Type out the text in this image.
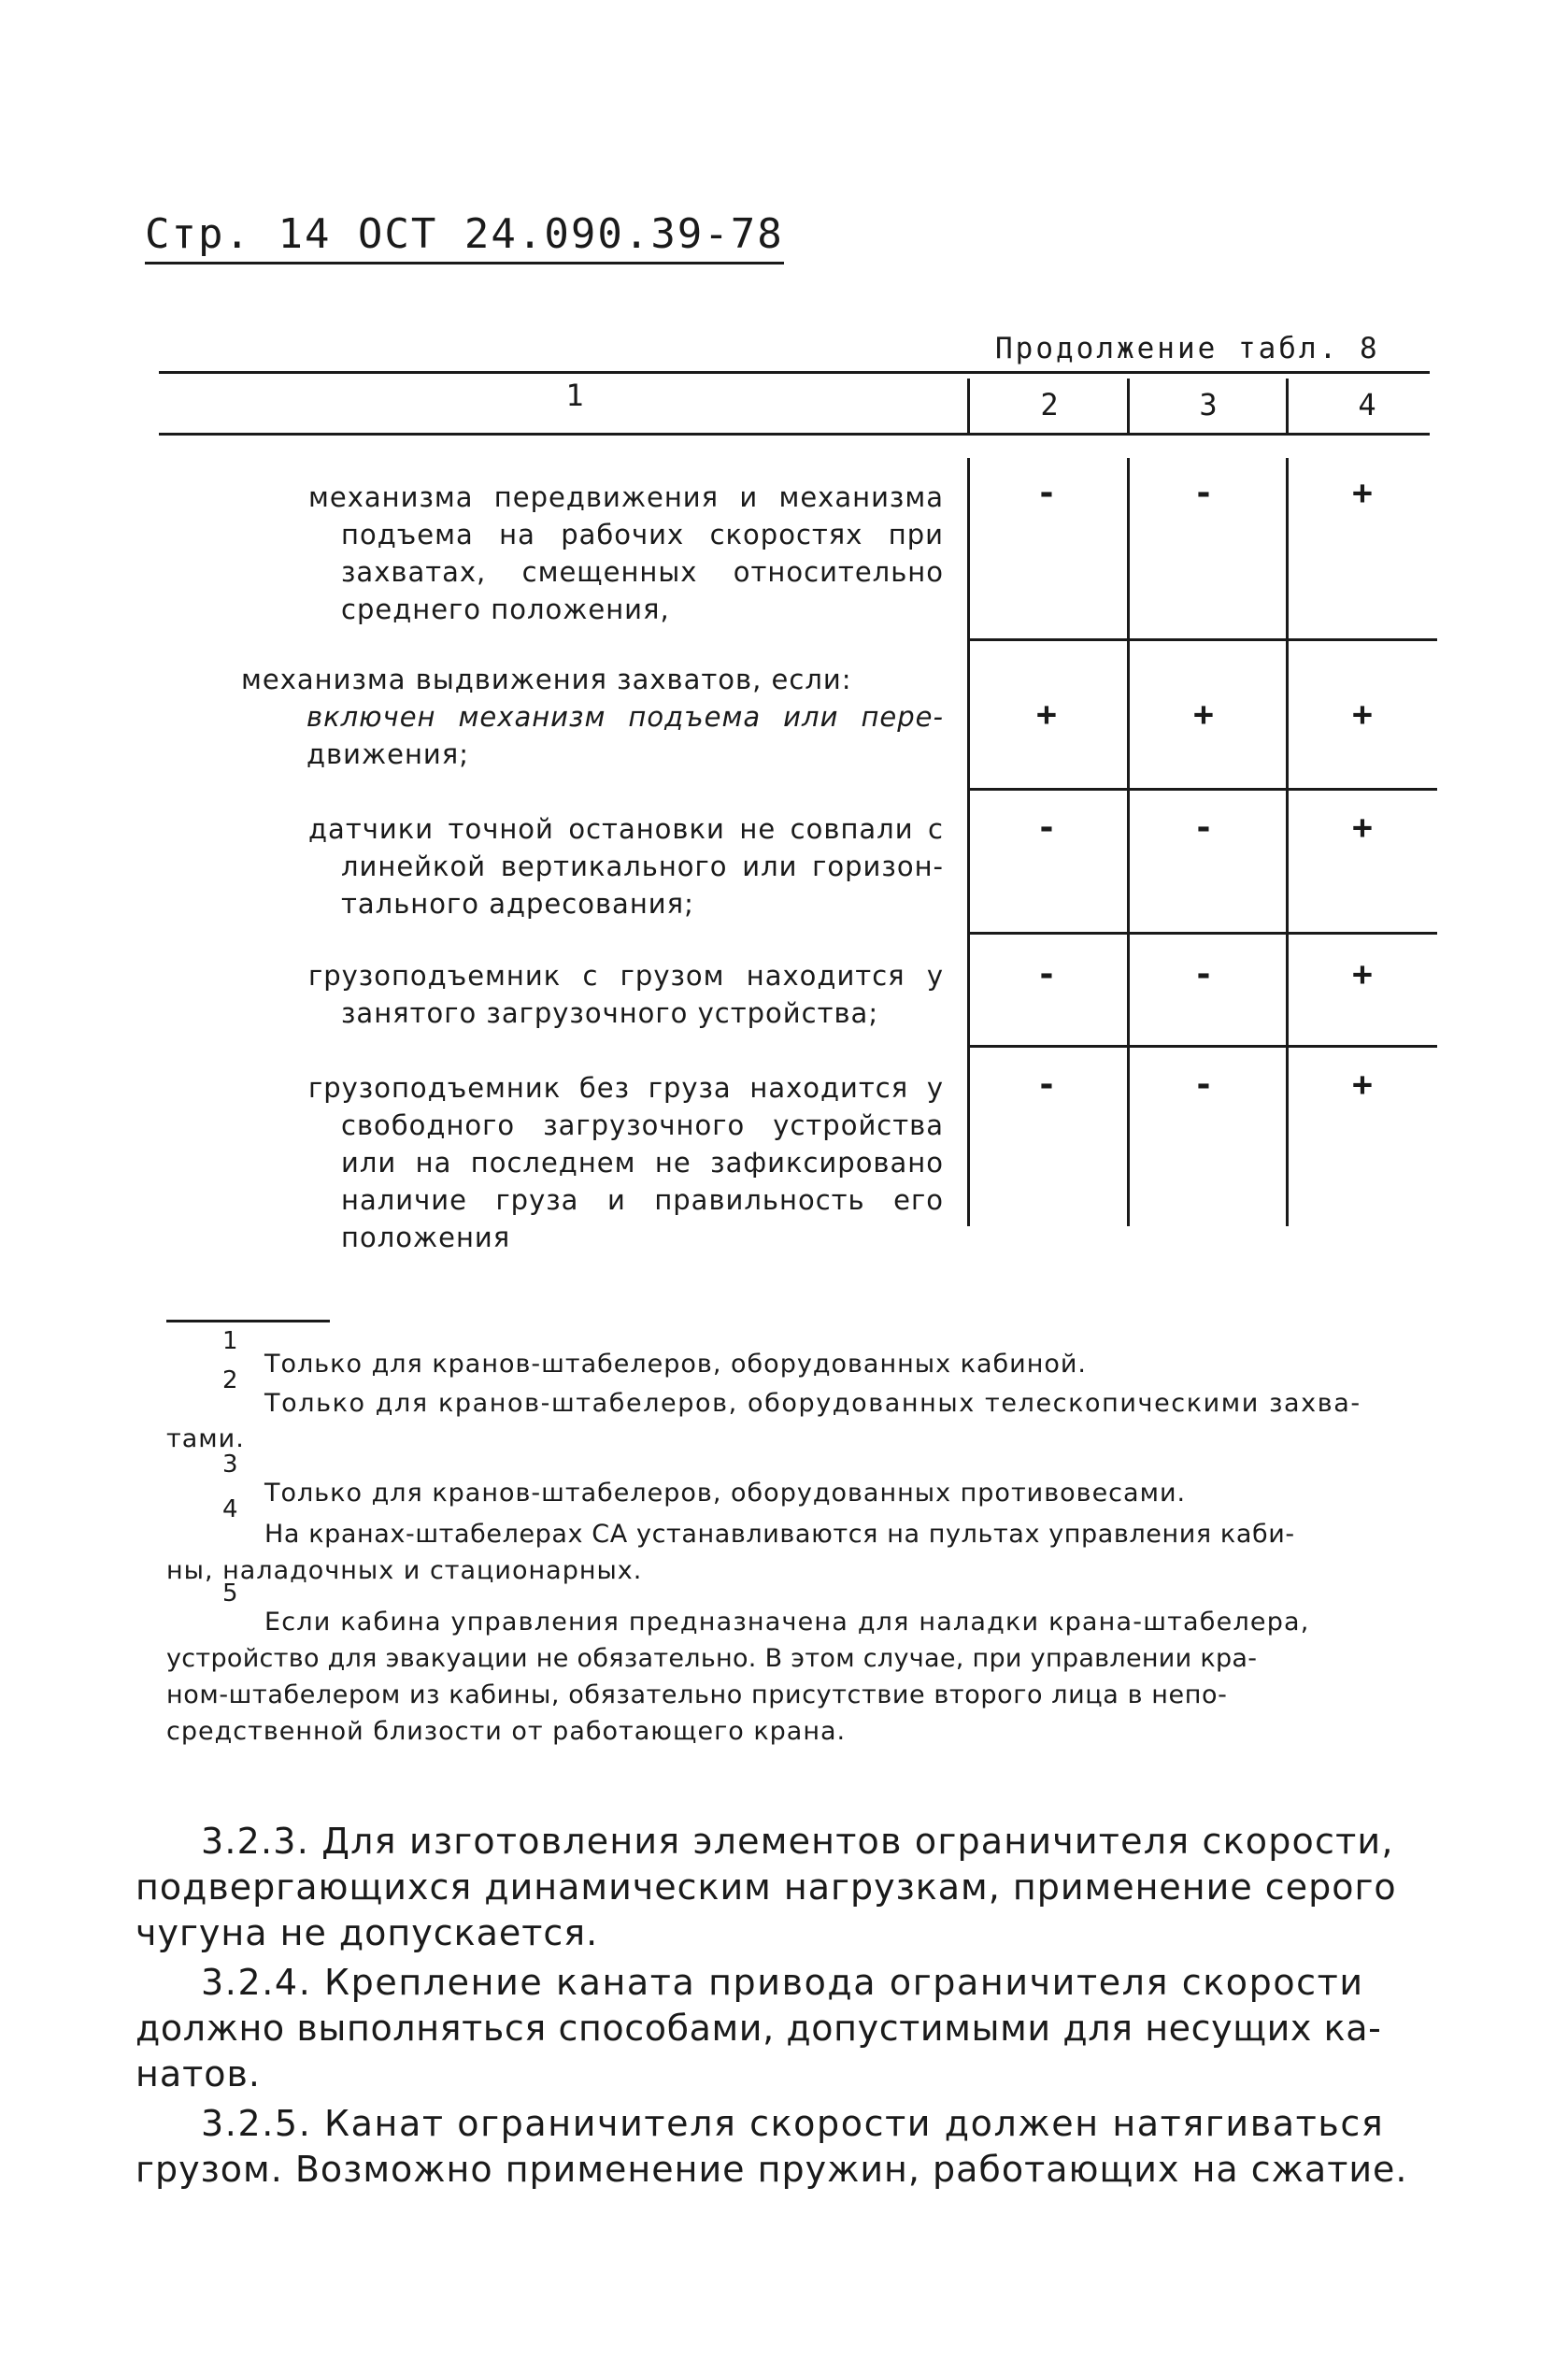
Стр. 14 ОСТ 24.090.39-78
Продолжение табл. 8
1	2	3	4
механизма передвижения и механизма
подъема на рабочих скоростях при
захватах, смещенных относительно
среднего положения,
-	-	+
механизма выдвижения захватов, если:
включен механизм подъема или пере-
движения;
+	+	+
датчики точной остановки не совпали с
линейкой вертикального или горизон-
тального адресования;
-	-	+
грузоподъемник с грузом находится у
занятого загрузочного устройства;
-	-	+
грузоподъемник без груза находится у
свободного загрузочного устройства
или на последнем не зафиксировано
наличие груза и правильность его
положения
-	-	+
1
Только для кранов-штабелеров, оборудованных кабиной.
2
Только для кранов-штабелеров, оборудованных телескопическими захва-
тами.
3
Только для кранов-штабелеров, оборудованных противовесами.
4
На кранах-штабелерах СА устанавливаются на пультах управления каби-
ны, наладочных и стационарных.
5
Если кабина управления предназначена для наладки крана-штабелера,
устройство для эвакуации не обязательно. В этом случае, при управлении кра-
ном-штабелером из кабины, обязательно присутствие второго лица в непо-
средственной близости от работающего крана.
3.2.3. Для изготовления элементов ограничителя скорости,
подвергающихся динамическим нагрузкам, применение серого
чугуна не допускается.
3.2.4. Крепление каната привода ограничителя скорости
должно выполняться способами, допустимыми для несущих ка-
натов.
3.2.5. Канат ограничителя скорости должен натягиваться
грузом. Возможно применение пружин, работающих на сжатие.
